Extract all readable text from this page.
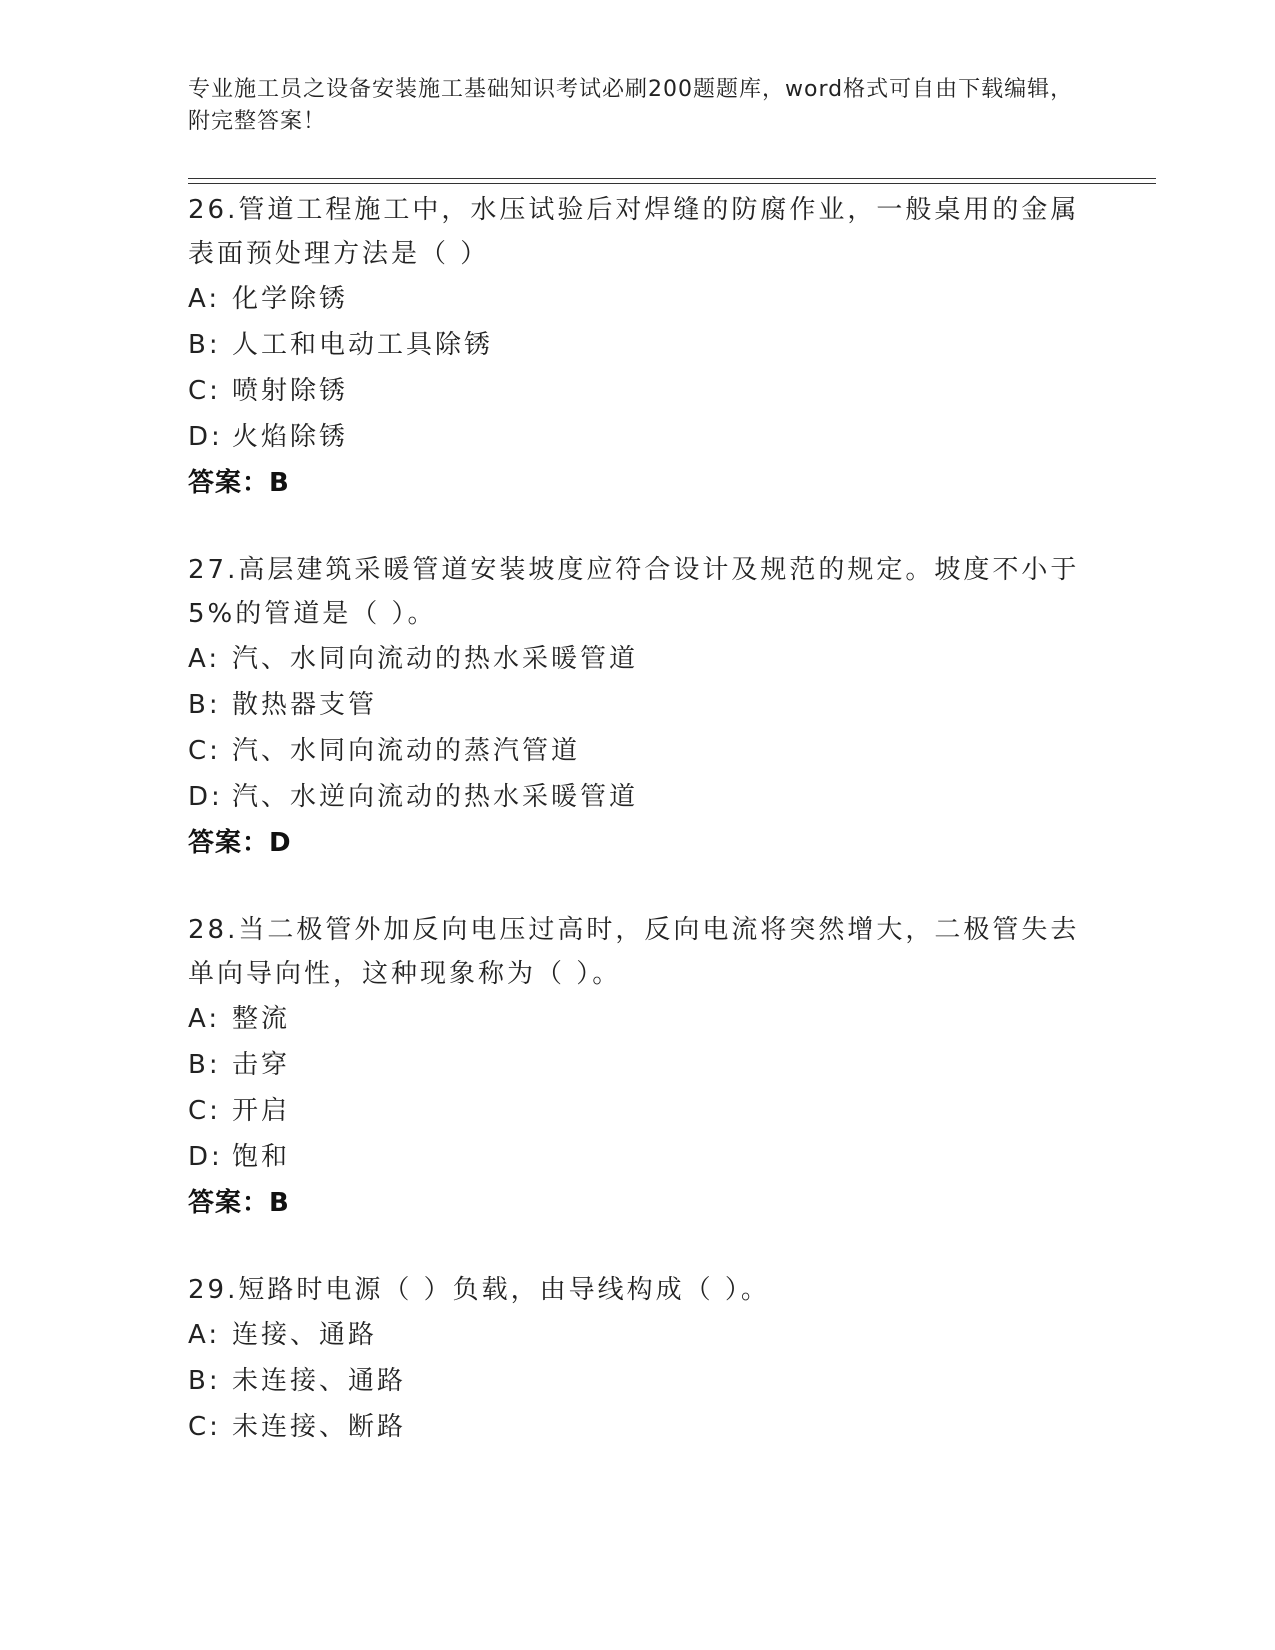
专业施工员之设备安装施工基础知识考试必刷200题题库，word格式可自由下载编辑，附完整答案！

26.管道工程施工中，水压试验后对焊缝的防腐作业，一般桌用的金属表面预处理方法是（ ）

A: 化学除锈
B: 人工和电动工具除锈
C: 喷射除锈
D: 火焰除锈
答案：B

27.高层建筑采暖管道安装坡度应符合设计及规范的规定。坡度不小于5%的管道是（ ）。

A: 汽、水同向流动的热水采暖管道
B: 散热器支管
C: 汽、水同向流动的蒸汽管道
D: 汽、水逆向流动的热水采暖管道
答案：D

28.当二极管外加反向电压过高时，反向电流将突然增大，二极管失去单向导向性，这种现象称为（ ）。

A: 整流
B: 击穿
C: 开启
D: 饱和
答案：B

29.短路时电源（ ）负载，由导线构成（ ）。

A: 连接、通路
B: 未连接、通路
C: 未连接、断路
